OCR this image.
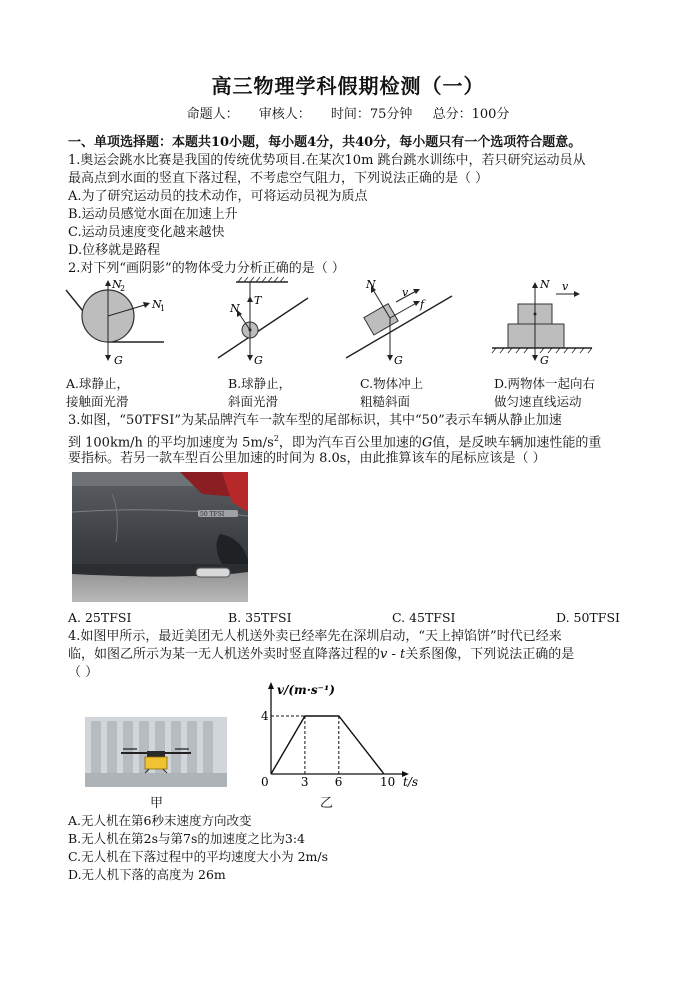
高三物理学科假期检测（一）
命题人： 审核人： 时间：75分钟 总分：100分
一、单项选择题：本题共10小题，每小题4分，共40分，每小题只有一个选项符合题意。
1.奥运会跳水比赛是我国的传统优势项目.在某次10m 跳台跳水训练中，若只研究运动员从
最高点到水面的竖直下落过程，不考虑空气阻力，下列说法正确的是（ ）
A.为了研究运动员的技术动作，可将运动员视为质点
B.运动员感觉水面在加速上升
C.运动员速度变化越来越快
D.位移就是路程
2.对下列“画阴影”的物体受力分析正确的是（ ）
N
2
N
1
G
T
N
G
N
v
f
G
N v
G
A.球静止，
接触面光滑
B.球静止，
斜面光滑
C.物体冲上
粗糙斜面
D.两物体一起向右
做匀速直线运动
3.如图，“50TFSI”为某品牌汽车一款车型的尾部标识，其中“50”表示车辆从静止加速
到 100km/h 的平均加速度为 $5m/s^2$，即为汽车百公里加速的G值，是反映车辆加速性能的重
要指标。若另一款车型百公里加速的时间为 8.0s，由此推算该车的尾标应该是（ ）
50 TFSI
A. 25TFSI	B. 35TFSI	C. 45TFSI	D. 50TFSI
4.如图甲所示，最近美团无人机送外卖已经率先在深圳启动，“天上掉馅饼”时代已经来
临，如图乙所示为某一无人机送外卖时竖直降落过程的v - t关系图像，下列说法正确的是
（ ）
甲
0	3 6	10
4
v/(m·s⁻¹)
t/s
乙
A.无人机在第6秒末速度方向改变
B.无人机在第2s与第7s的加速度之比为3:4
C.无人机在下落过程中的平均速度大小为 2m/s
D.无人机下落的高度为 26m
